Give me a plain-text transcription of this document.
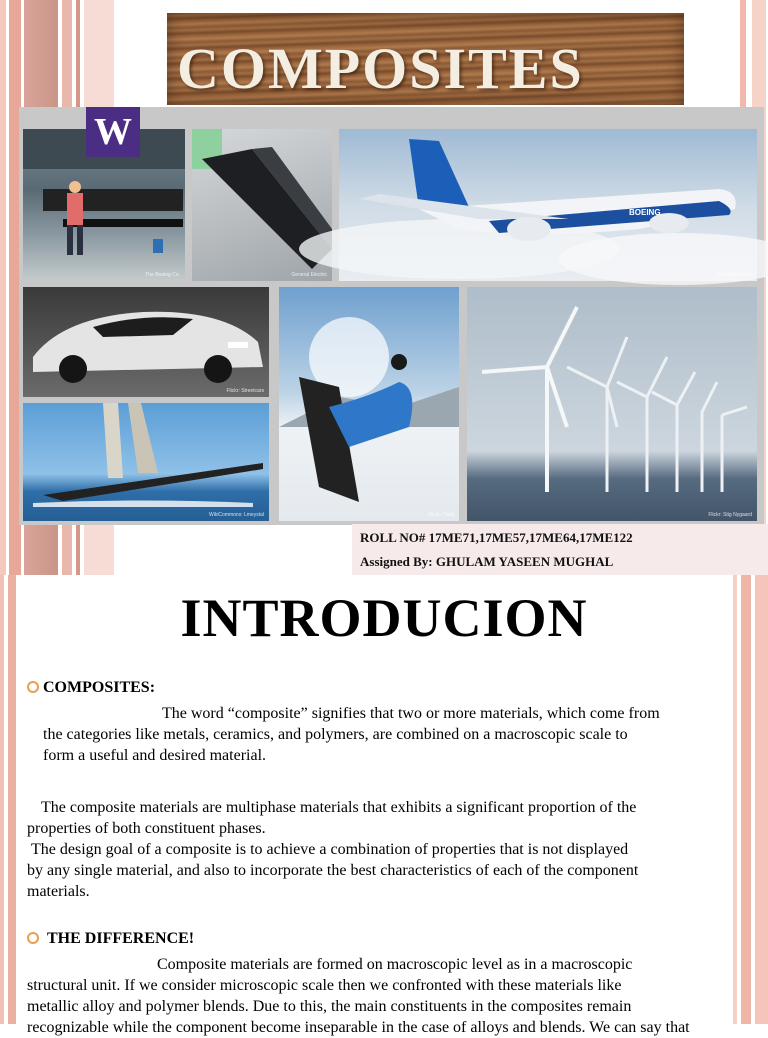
COMPOSITES
The Boeing Co.
W
General Electric
BOEING
The Boeing Co.
Flickr: Streetcars
Flickr: Thrid
WikiCommons: Lmeystal	Flickr: Stig Nygaard
ROLL NO# 17ME71,17ME57,17ME64,17ME122
Assigned By: GHULAM YASEEN MUGHAL
INTRODUCION
COMPOSITES:
The word “composite” signifies that two or more materials, which come from
the categories like metals, ceramics, and polymers, are combined on a macroscopic scale to
form a useful and desired material.
The composite materials are multiphase materials that exhibits a significant proportion of the
properties of both constituent phases.
The design goal of a composite is to achieve a combination of properties that is not displayed
by any single material, and also to incorporate the best characteristics of each of the component
materials.
THE DIFFERENCE!
Composite materials are formed on macroscopic level as in a macroscopic
structural unit. If we consider microscopic scale then we confronted with these materials like
metallic alloy and polymer blends. Due to this, the main constituents in the composites remain
recognizable while the component become inseparable in the case of alloys and blends. We can say that
